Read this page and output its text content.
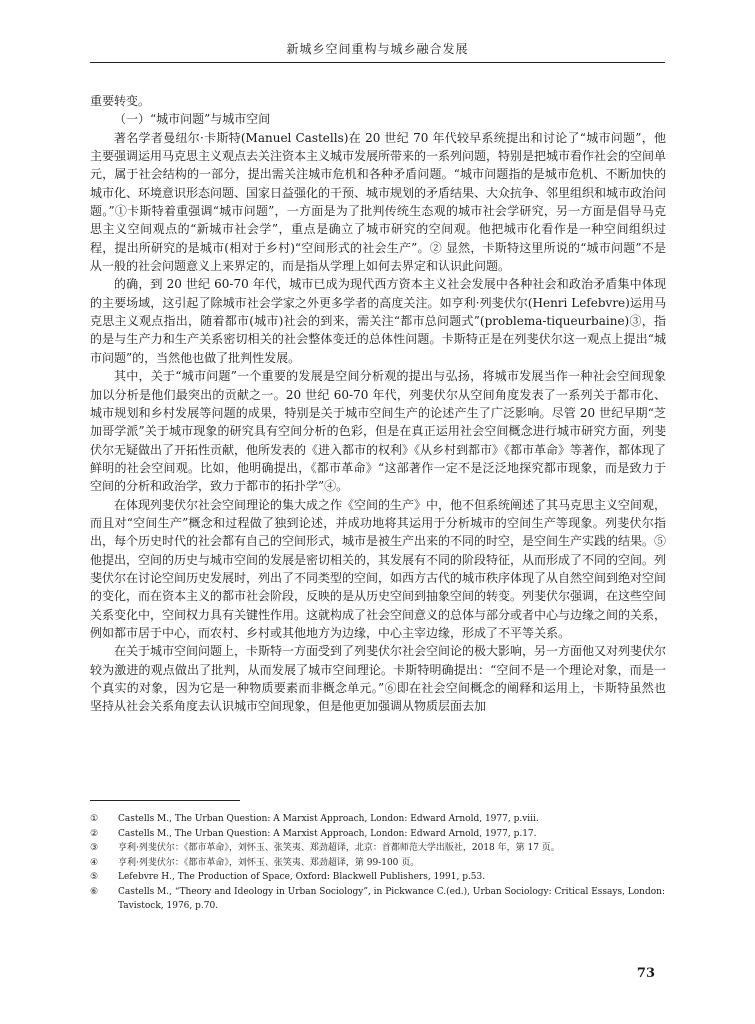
新城乡空间重构与城乡融合发展

重要转变。

（一）“城市问题”与城市空间

著名学者曼纽尔·卡斯特(Manuel Castells)在 20 世纪 70 年代较早系统提出和讨论了“城市问题”，他主要强调运用马克思主义观点去关注资本主义城市发展所带来的一系列问题，特别是把城市看作社会的空间单元，属于社会结构的一部分，提出需关注城市危机和各种矛盾问题。“城市问题指的是城市危机、不断加快的城市化、环境意识形态问题、国家日益强化的干预、城市规划的矛盾结果、大众抗争、邻里组织和城市政治问题。”①卡斯特着重强调“城市问题”，一方面是为了批判传统生态观的城市社会学研究，另一方面是倡导马克思主义空间观点的“新城市社会学”，重点是确立了城市研究的空间观。他把城市化看作是一种空间组织过程，提出所研究的是城市(相对于乡村)“空间形式的社会生产”。② 显然，卡斯特这里所说的“城市问题”不是从一般的社会问题意义上来界定的，而是指从学理上如何去界定和认识此问题。

的确，到 20 世纪 60-70 年代，城市已成为现代西方资本主义社会发展中各种社会和政治矛盾集中体现的主要场域，这引起了除城市社会学家之外更多学者的高度关注。如亨利·列斐伏尔(Henri Lefebvre)运用马克思主义观点指出，随着都市(城市)社会的到来，需关注“都市总问题式”(problema-tiqueurbaine)③，指的是与生产力和生产关系密切相关的社会整体变迁的总体性问题。卡斯特正是在列斐伏尔这一观点上提出“城市问题”的，当然他也做了批判性发展。

其中，关于“城市问题”一个重要的发展是空间分析观的提出与弘扬，将城市发展当作一种社会空间现象加以分析是他们最突出的贡献之一。20 世纪 60-70 年代，列斐伏尔从空间角度发表了一系列关于都市化、城市规划和乡村发展等问题的成果，特别是关于城市空间生产的论述产生了广泛影响。尽管 20 世纪早期“芝加哥学派”关于城市现象的研究具有空间分析的色彩，但是在真正运用社会空间概念进行城市研究方面，列斐伏尔无疑做出了开拓性贡献，他所发表的《进入都市的权利》《从乡村到都市》《都市革命》等著作，都体现了鲜明的社会空间观。比如，他明确提出，《都市革命》“这部著作一定不是泛泛地探究都市现象，而是致力于空间的分析和政治学，致力于都市的拓扑学”④。

在体现列斐伏尔社会空间理论的集大成之作《空间的生产》中，他不但系统阐述了其马克思主义空间观，而且对“空间生产”概念和过程做了独到论述，并成功地将其运用于分析城市的空间生产等现象。列斐伏尔指出，每个历史时代的社会都有自己的空间形式，城市是被生产出来的不同的时空，是空间生产实践的结果。⑤ 他提出，空间的历史与城市空间的发展是密切相关的，其发展有不同的阶段特征，从而形成了不同的空间。列斐伏尔在讨论空间历史发展时，列出了不同类型的空间，如西方古代的城市秩序体现了从自然空间到绝对空间的变化，而在资本主义的都市社会阶段，反映的是从历史空间到抽象空间的转变。列斐伏尔强调，在这些空间关系变化中，空间权力具有关键性作用。这就构成了社会空间意义的总体与部分或者中心与边缘之间的关系，例如都市居于中心，而农村、乡村或其他地方为边缘，中心主宰边缘，形成了不平等关系。

在关于城市空间问题上，卡斯特一方面受到了列斐伏尔社会空间论的极大影响，另一方面他又对列斐伏尔较为激进的观点做出了批判，从而发展了城市空间理论。卡斯特明确提出：“空间不是一个理论对象，而是一个真实的对象，因为它是一种物质要素而非概念单元。”⑥即在社会空间概念的阐释和运用上，卡斯特虽然也坚持从社会关系角度去认识城市空间现象，但是他更加强调从物质层面去加

①	Castells M., The Urban Question: A Marxist Approach, London: Edward Arnold, 1977, p.viii.
②	Castells M., The Urban Question: A Marxist Approach, London: Edward Arnold, 1977, p.17.
③	亨利·列斐伏尔：《都市革命》，刘怀玉、张笑夷、郑劲超译，北京：首都师范大学出版社，2018 年，第 17 页。
④	亨利·列斐伏尔：《都市革命》，刘怀玉、张笑夷、郑劲超译，第 99-100 页。
⑤	Lefebvre H., The Production of Space, Oxford: Blackwell Publishers, 1991, p.53.
⑥	Castells M., “Theory and Ideology in Urban Sociology”, in Pickwance C.(ed.), Urban Sociology: Critical Essays, London: Tavistock, 1976, p.70.
73
